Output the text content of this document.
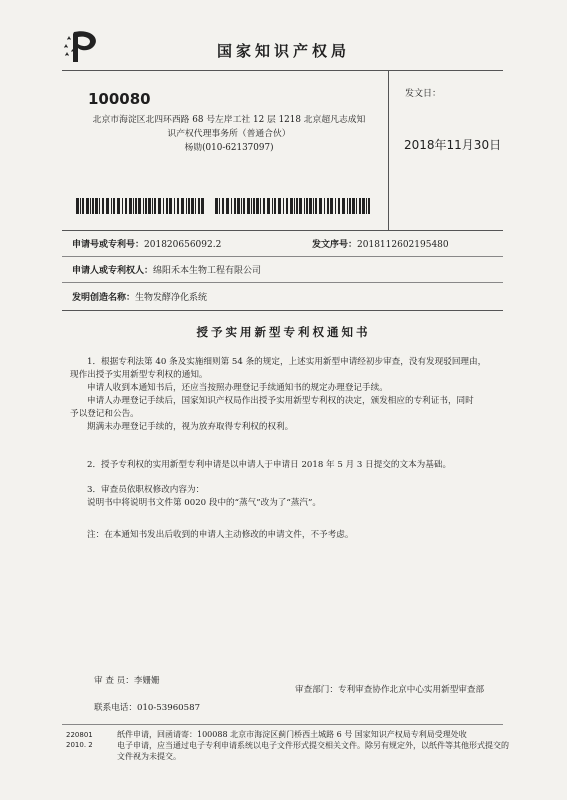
国家知识产权局
100080
北京市海淀区北四环西路 68 号左岸工社 12 层 1218 北京超凡志成知
识产权代理事务所（普通合伙）
杨勋(010-62137097)
发文日：
2018年11月30日
申请号或专利号：201820656092.2	发文序号：2018112602195480
申请人或专利权人：绵阳禾本生物工程有限公司
发明创造名称：生物发酵净化系统
授予实用新型专利权通知书

1．根据专利法第 40 条及实施细则第 54 条的规定，上述实用新型申请经初步审查，没有发现驳回理由，

现作出授予实用新型专利权的通知。

申请人收到本通知书后，还应当按照办理登记手续通知书的规定办理登记手续。

申请人办理登记手续后，国家知识产权局作出授予实用新型专利权的决定，颁发相应的专利证书，同时

予以登记和公告。

期满未办理登记手续的，视为放弃取得专利权的权利。

2．授予专利权的实用新型专利申请是以申请人于申请日 2018 年 5 月 3 日提交的文本为基础。

3．审查员依职权修改内容为：

说明书中将说明书文件第 0020 段中的“蒸气”改为了“蒸汽”。

注：在本通知书发出后收到的申请人主动修改的申请文件，不予考虑。

审 查 员：李姗姗
审查部门：专利审查协作北京中心实用新型审查部
联系电话：010-53960587
220801
2010. 2
纸件申请，回函请寄：100088 北京市海淀区蓟门桥西土城路 6 号 国家知识产权局专利局受理处收
电子申请，应当通过电子专利申请系统以电子文件形式提交相关文件。除另有规定外，以纸件等其他形式提交的
文件视为未提交。
